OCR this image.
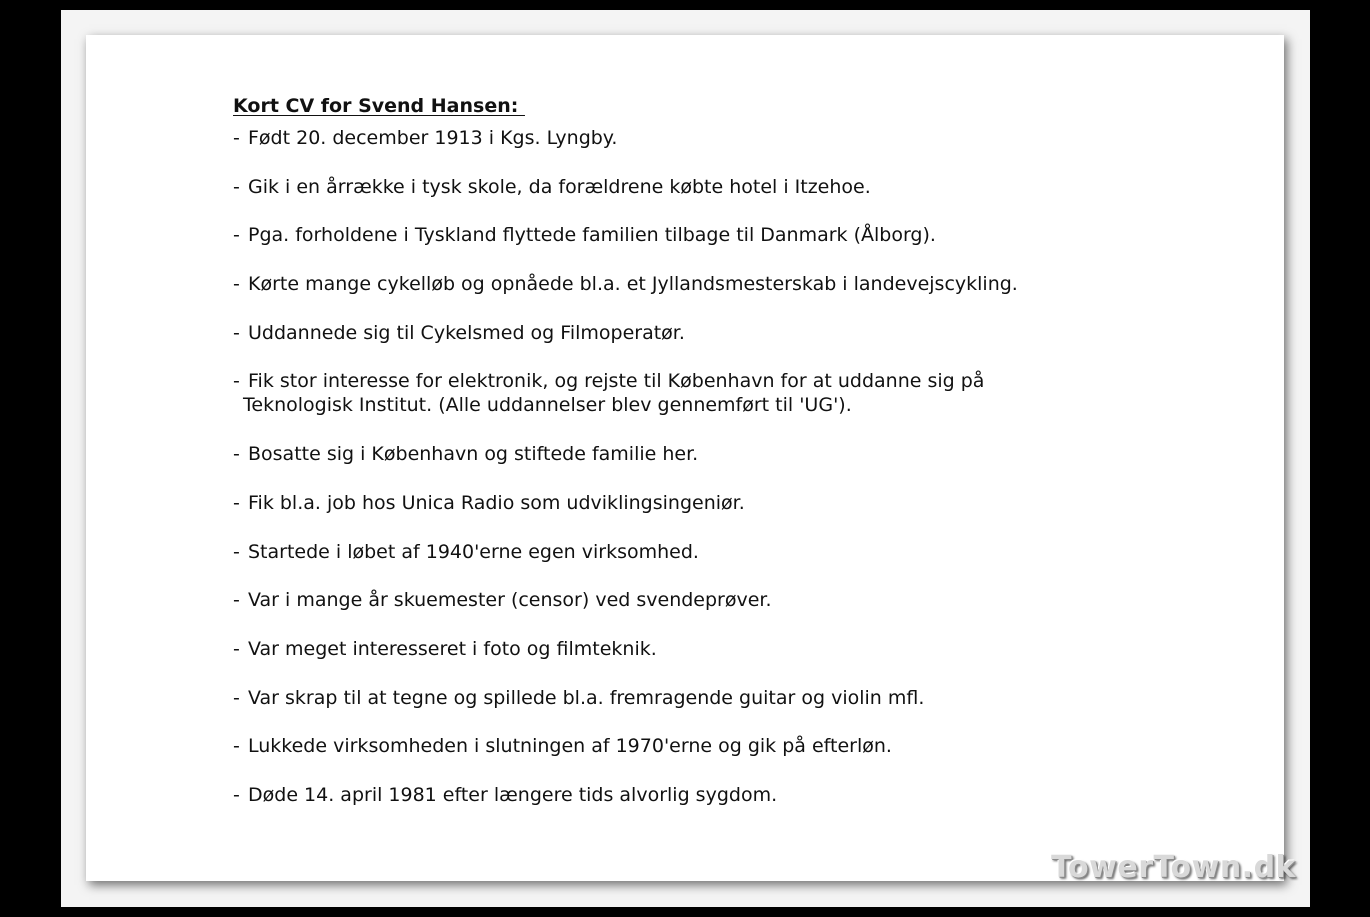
Kort CV for Svend Hansen:
- Født 20. december 1913 i Kgs. Lyngby.
- Gik i en årrække i tysk skole, da forældrene købte hotel i Itzehoe.
- Pga. forholdene i Tyskland flyttede familien tilbage til Danmark (Ålborg).
- Kørte mange cykelløb og opnåede bl.a. et Jyllandsmesterskab i landevejscykling.
- Uddannede sig til Cykelsmed og Filmoperatør.
- Fik stor interesse for elektronik, og rejste til København for at uddanne sig på
Teknologisk Institut. (Alle uddannelser blev gennemført til 'UG').
- Bosatte sig i København og stiftede familie her.
- Fik bl.a. job hos Unica Radio som udviklingsingeniør.
- Startede i løbet af 1940'erne egen virksomhed.
- Var i mange år skuemester (censor) ved svendeprøver.
- Var meget interesseret i foto og filmteknik.
- Var skrap til at tegne og spillede bl.a. fremragende guitar og violin mfl.
- Lukkede virksomheden i slutningen af 1970'erne og gik på efterløn.
- Døde 14. april 1981 efter længere tids alvorlig sygdom.
TowerTown.dk
